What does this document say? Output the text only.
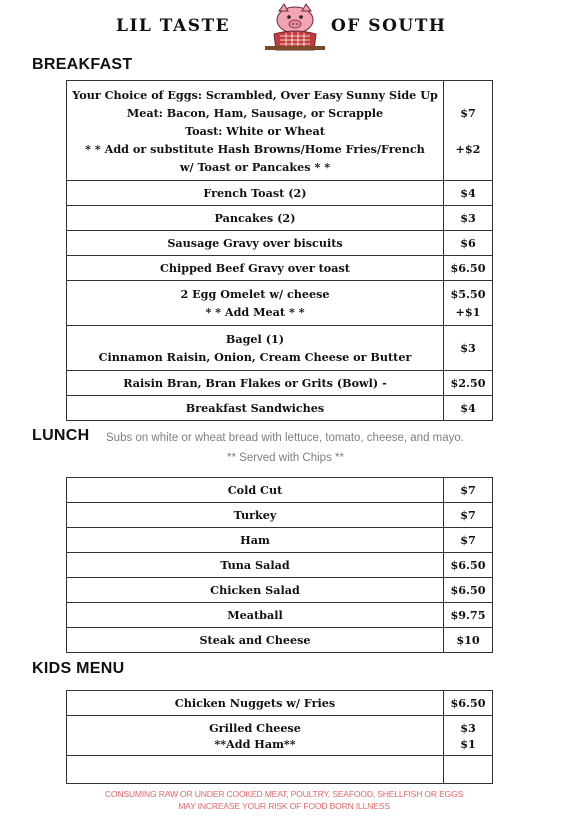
LIL TASTE	OF SOUTH
BREAKFAST
Your Choice of Eggs: Scrambled, Over Easy Sunny Side Up
Meat: Bacon, Ham, Sausage, or Scrapple
Toast: White or Wheat
* * Add or substitute Hash Browns/Home Fries/French
w/ Toast or Pancakes * *	$7
+$2

French Toast (2)	$4

Pancakes (2)	$3

Sausage Gravy over biscuits	$6

Chipped Beef Gravy over toast	$6.50

2 Egg Omelet w/ cheese
* * Add Meat * *	$5.50
+$1

Bagel (1)
Cinnamon Raisin, Onion, Cream Cheese or Butter	$3

Raisin Bran, Bran Flakes or Grits (Bowl) -	$2.50

Breakfast Sandwiches	$4
LUNCH Subs on white or wheat bread with lettuce, tomato, cheese, and mayo.
** Served with Chips **
Cold Cut	$7

Turkey	$7

Ham	$7

Tuna Salad	$6.50

Chicken Salad	$6.50

Meatball	$9.75

Steak and Cheese	$10
KIDS MENU
Chicken Nuggets w/ Fries	$6.50

Grilled Cheese
**Add Ham**	$3
$1

CONSUMING RAW OR UNDER COOKED MEAT, POULTRY, SEAFOOD, SHELLFISH OR EGGS
MAY INCREASE YOUR RISK OF FOOD BORN ILLNESS
